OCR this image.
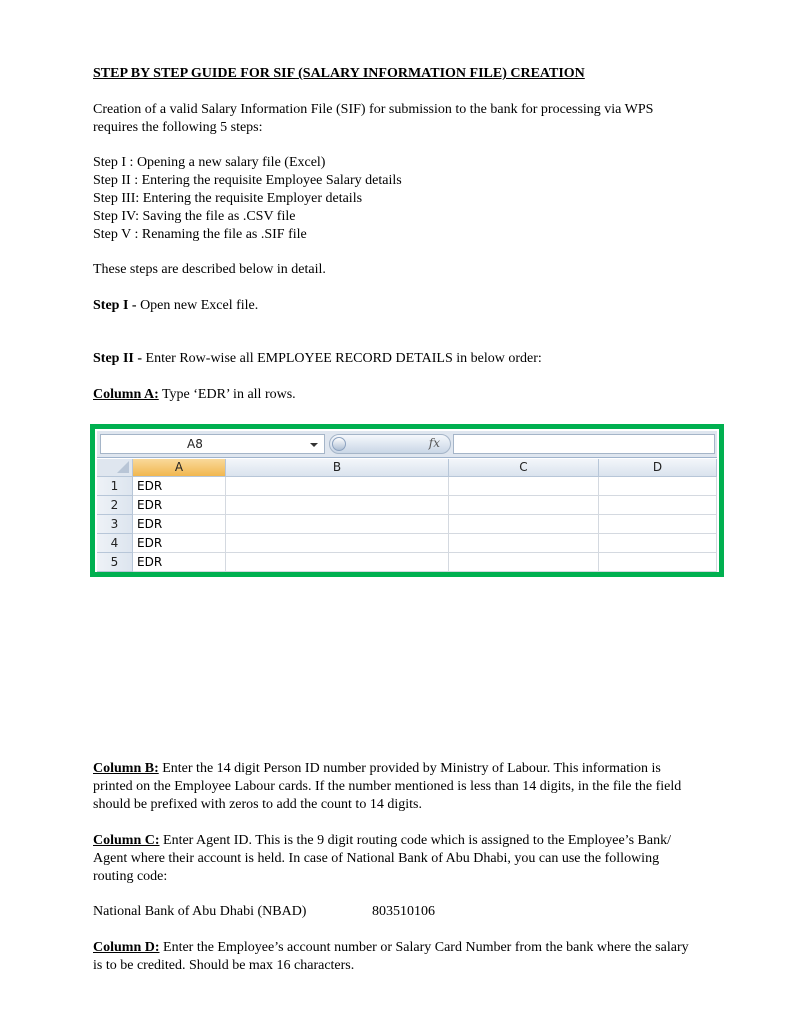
STEP BY STEP GUIDE FOR SIF (SALARY INFORMATION FILE) CREATION
Creation of a valid Salary Information File (SIF) for submission to the bank for processing via WPS
requires the following 5 steps:
Step I : Opening a new salary file (Excel)
Step II : Entering the requisite Employee Salary details
Step III: Entering the requisite Employer details
Step IV: Saving the file as .CSV file
Step V : Renaming the file as .SIF file
These steps are described below in detail.
Step I - Open new Excel file.
Step II - Enter Row-wise all EMPLOYEE RECORD DETAILS in below order:
Column A: Type ‘EDR’ in all rows.
A8	fx
A	B	C	D
1	EDR
2	EDR
3	EDR
4	EDR
5	EDR
Column B: Enter the 14 digit Person ID number provided by Ministry of Labour. This information is
printed on the Employee Labour cards. If the number mentioned is less than 14 digits, in the file the field
should be prefixed with zeros to add the count to 14 digits.
Column C: Enter Agent ID. This is the 9 digit routing code which is assigned to the Employee’s Bank/
Agent where their account is held. In case of National Bank of Abu Dhabi, you can use the following
routing code:
National Bank of Abu Dhabi (NBAD)	803510106
Column D: Enter the Employee’s account number or Salary Card Number from the bank where the salary
is to be credited. Should be max 16 characters.
